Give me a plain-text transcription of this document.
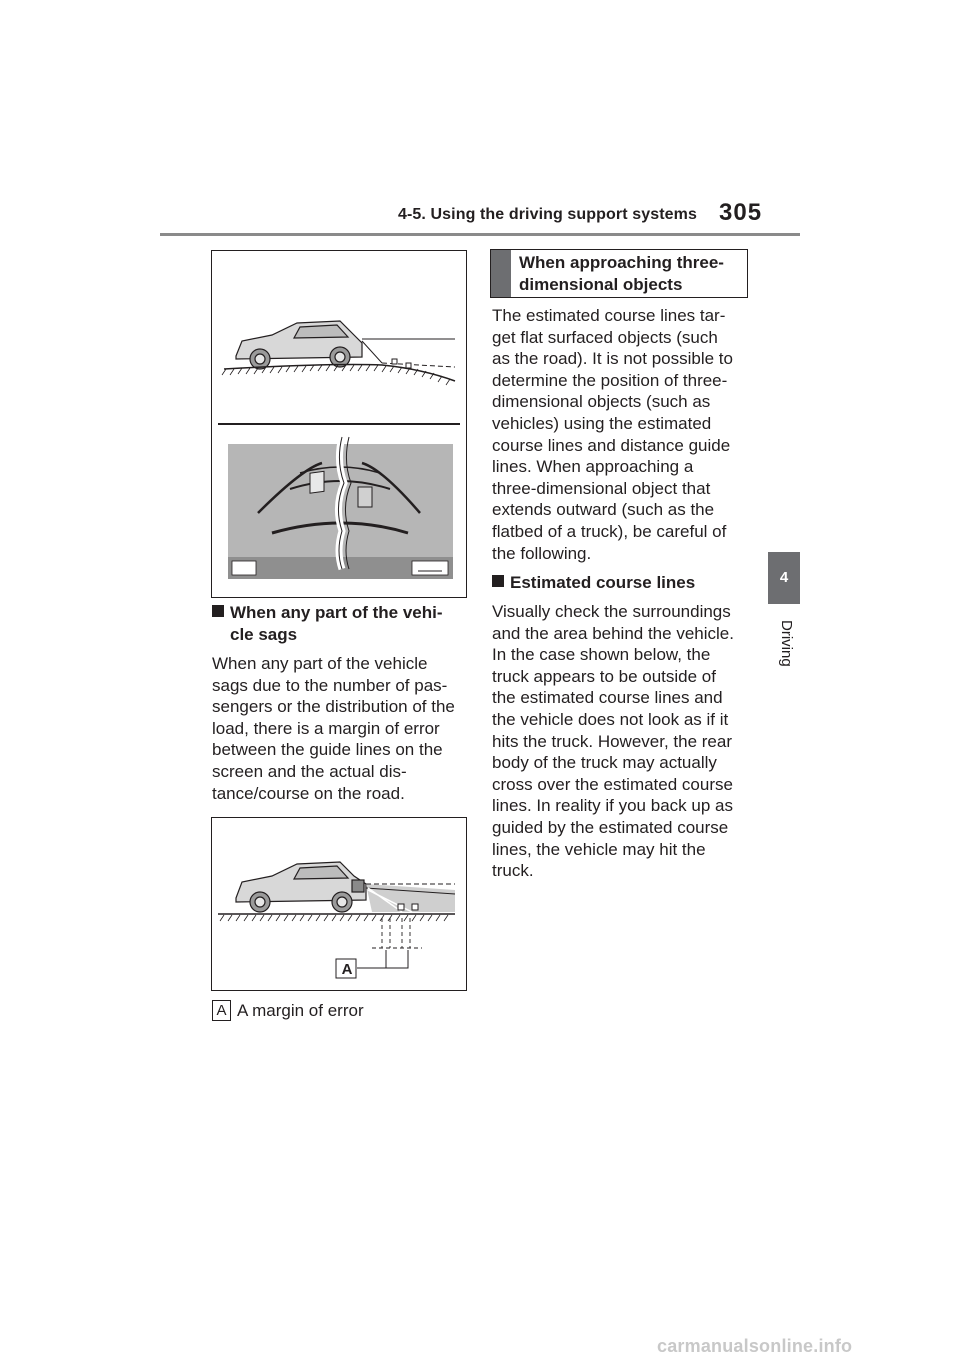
4-5. Using the driving support systems 305
4
Driving
When any part of the vehi-
cle sags
When any part of the vehicle
sags due to the number of pas-
sengers or the distribution of the
load, there is a margin of error
between the guide lines on the
screen and the actual dis-
tance/course on the road.
A
A A margin of error
When approaching three-
dimensional objects
The estimated course lines tar-
get flat surfaced objects (such
as the road). It is not possible to
determine the position of three-
dimensional objects (such as
vehicles) using the estimated
course lines and distance guide
lines. When approaching a
three-dimensional object that
extends outward (such as the
flatbed of a truck), be careful of
the following.
Estimated course lines
Visually check the surroundings
and the area behind the vehicle.
In the case shown below, the
truck appears to be outside of
the estimated course lines and
the vehicle does not look as if it
hits the truck. However, the rear
body of the truck may actually
cross over the estimated course
lines. In reality if you back up as
guided by the estimated course
lines, the vehicle may hit the
truck.
carmanualsonline.info
